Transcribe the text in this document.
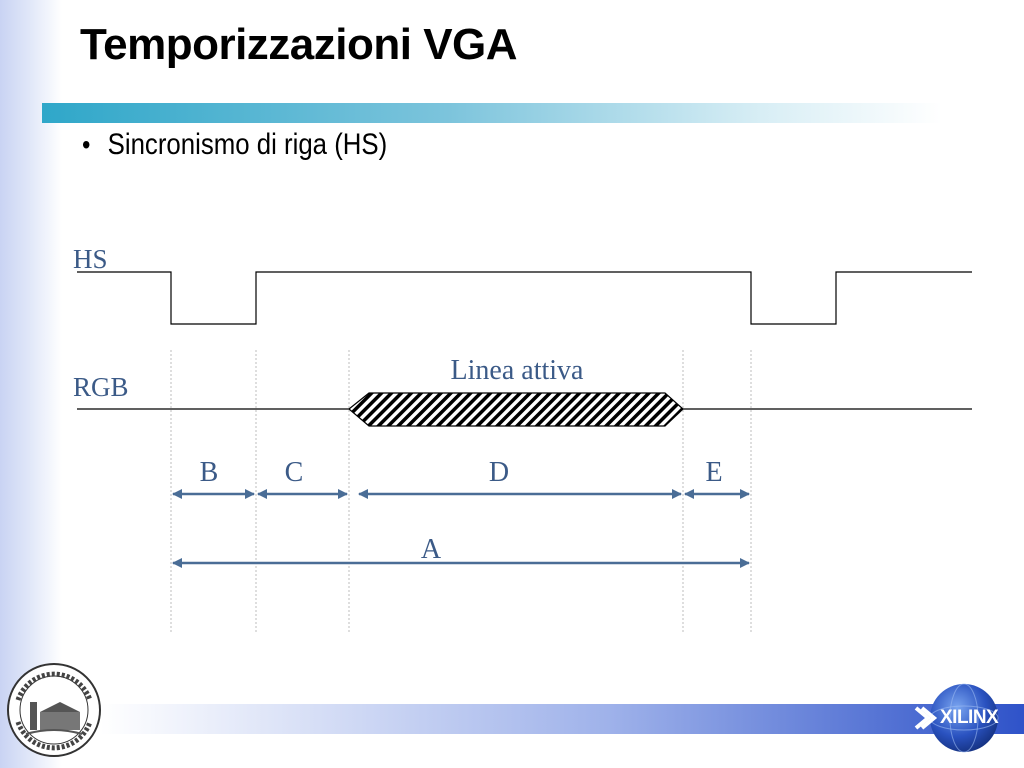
Temporizzazioni VGA
• Sincronismo di riga (HS)
HS
RGB
Linea attiva
B C	D	E
A
XILINX
